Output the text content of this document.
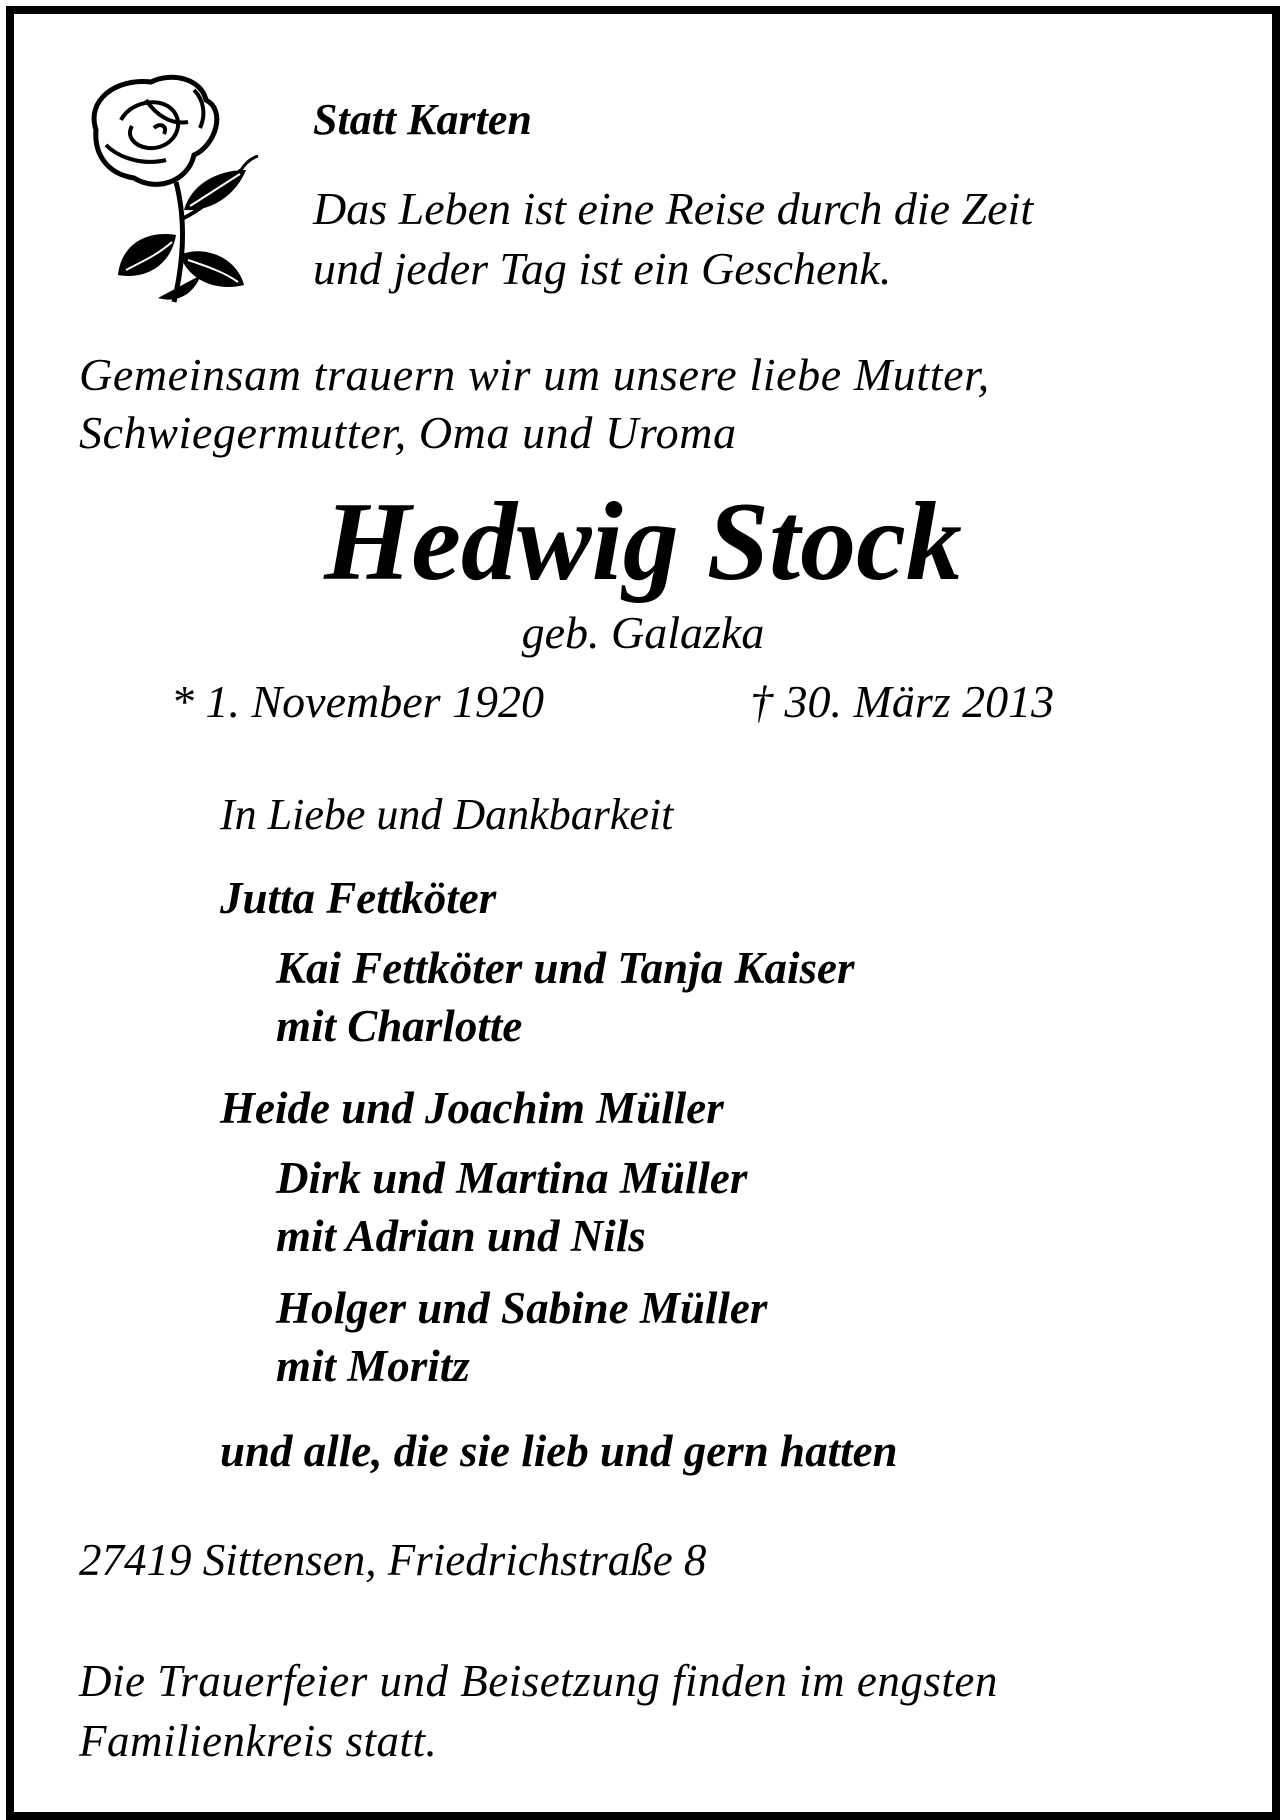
Statt Karten
Das Leben ist eine Reise durch die Zeit
und jeder Tag ist ein Geschenk.
Gemeinsam trauern wir um unsere liebe Mutter,
Schwiegermutter, Oma und Uroma
Hedwig Stock
geb. Galazka
* 1. November 1920	† 30. März 2013
In Liebe und Dankbarkeit
Jutta Fettköter
Kai Fettköter und Tanja Kaiser
mit Charlotte
Heide und Joachim Müller
Dirk und Martina Müller
mit Adrian und Nils
Holger und Sabine Müller
mit Moritz
und alle, die sie lieb und gern hatten
27419 Sittensen, Friedrichstraße 8
Die Trauerfeier und Beisetzung finden im engsten
Familienkreis statt.
